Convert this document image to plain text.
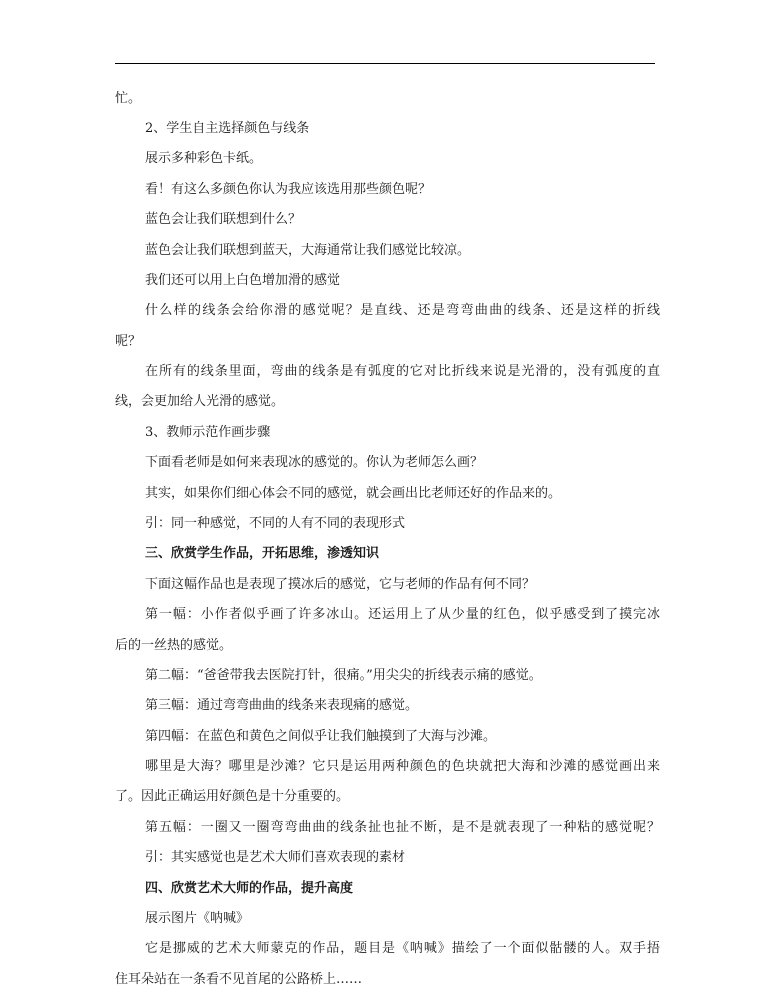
忙。
2、学生自主选择颜色与线条
展示多种彩色卡纸。
看！有这么多颜色你认为我应该选用那些颜色呢？
蓝色会让我们联想到什么？
蓝色会让我们联想到蓝天，大海通常让我们感觉比较凉。
我们还可以用上白色增加滑的感觉
什么样的线条会给你滑的感觉呢？是直线、还是弯弯曲曲的线条、还是这样的折线
呢？
在所有的线条里面，弯曲的线条是有弧度的它对比折线来说是光滑的，没有弧度的直
线，会更加给人光滑的感觉。
3、教师示范作画步骤
下面看老师是如何来表现冰的感觉的。你认为老师怎么画？
其实，如果你们细心体会不同的感觉，就会画出比老师还好的作品来的。
引：同一种感觉，不同的人有不同的表现形式
三、欣赏学生作品，开拓思维，渗透知识
下面这幅作品也是表现了摸冰后的感觉，它与老师的作品有何不同？
第一幅：小作者似乎画了许多冰山。还运用上了从少量的红色，似乎感受到了摸完冰
后的一丝热的感觉。
第二幅：“爸爸带我去医院打针，很痛。”用尖尖的折线表示痛的感觉。
第三幅：通过弯弯曲曲的线条来表现痛的感觉。
第四幅：在蓝色和黄色之间似乎让我们触摸到了大海与沙滩。
哪里是大海？哪里是沙滩？它只是运用两种颜色的色块就把大海和沙滩的感觉画出来
了。因此正确运用好颜色是十分重要的。
第五幅：一圈又一圈弯弯曲曲的线条扯也扯不断，是不是就表现了一种粘的感觉呢？
引：其实感觉也是艺术大师们喜欢表现的素材
四、欣赏艺术大师的作品，提升高度
展示图片《呐喊》
它是挪威的艺术大师蒙克的作品，题目是《呐喊》描绘了一个面似骷髅的人。双手捂
住耳朵站在一条看不见首尾的公路桥上……
